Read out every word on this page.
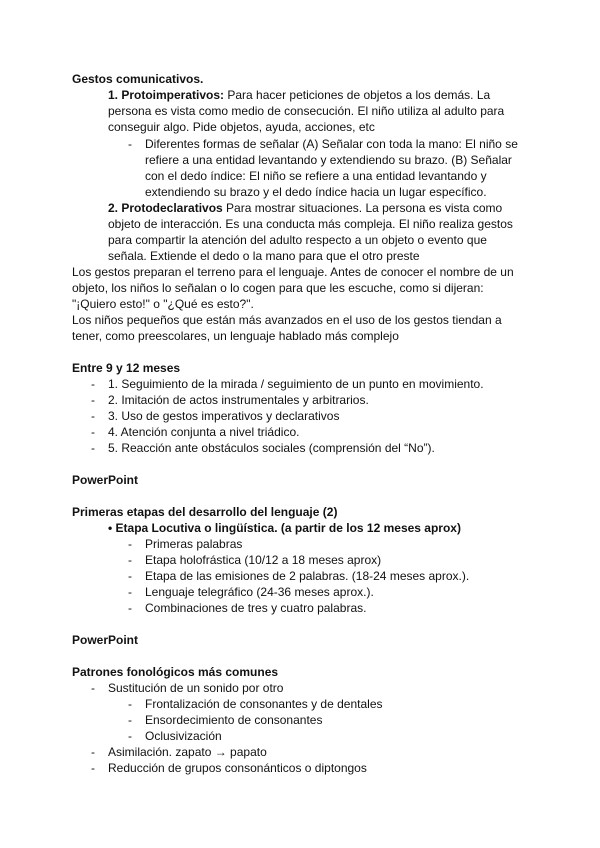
Gestos comunicativos.
1. Protoimperativos: Para hacer peticiones de objetos a los demás. La
persona es vista como medio de consecución. El niño utiliza al adulto para
conseguir algo. Pide objetos, ayuda, acciones, etc
- Diferentes formas de señalar (A) Señalar con toda la mano: El niño se
refiere a una entidad levantando y extendiendo su brazo. (B) Señalar
con el dedo índice: El niño se refiere a una entidad levantando y
extendiendo su brazo y el dedo índice hacia un lugar específico.
2. Protodeclarativos Para mostrar situaciones. La persona es vista como
objeto de interacción. Es una conducta más compleja. El niño realiza gestos
para compartir la atención del adulto respecto a un objeto o evento que
señala. Extiende el dedo o la mano para que el otro preste
Los gestos preparan el terreno para el lenguaje. Antes de conocer el nombre de un
objeto, los niños lo señalan o lo cogen para que les escuche, como si dijeran:
"¡Quiero esto!" o "¿Qué es esto?".
Los niños pequeños que están más avanzados en el uso de los gestos tiendan a
tener, como preescolares, un lenguaje hablado más complejo
Entre 9 y 12 meses
- 1. Seguimiento de la mirada / seguimiento de un punto en movimiento.
- 2. Imitación de actos instrumentales y arbitrarios.
- 3. Uso de gestos imperativos y declarativos
- 4. Atención conjunta a nivel triádico.
- 5. Reacción ante obstáculos sociales (comprensión del “No”).
PowerPoint
Primeras etapas del desarrollo del lenguaje (2)
• Etapa Locutiva o lingüística. (a partir de los 12 meses aprox)
- Primeras palabras
- Etapa holofrástica (10/12 a 18 meses aprox)
- Etapa de las emisiones de 2 palabras. (18-24 meses aprox.).
- Lenguaje telegráfico (24-36 meses aprox.).
- Combinaciones de tres y cuatro palabras.
PowerPoint
Patrones fonológicos más comunes
- Sustitución de un sonido por otro
- Frontalización de consonantes y de dentales
- Ensordecimiento de consonantes
- Oclusivización
- Asimilación. zapato → papato
- Reducción de grupos consonánticos o diptongos
